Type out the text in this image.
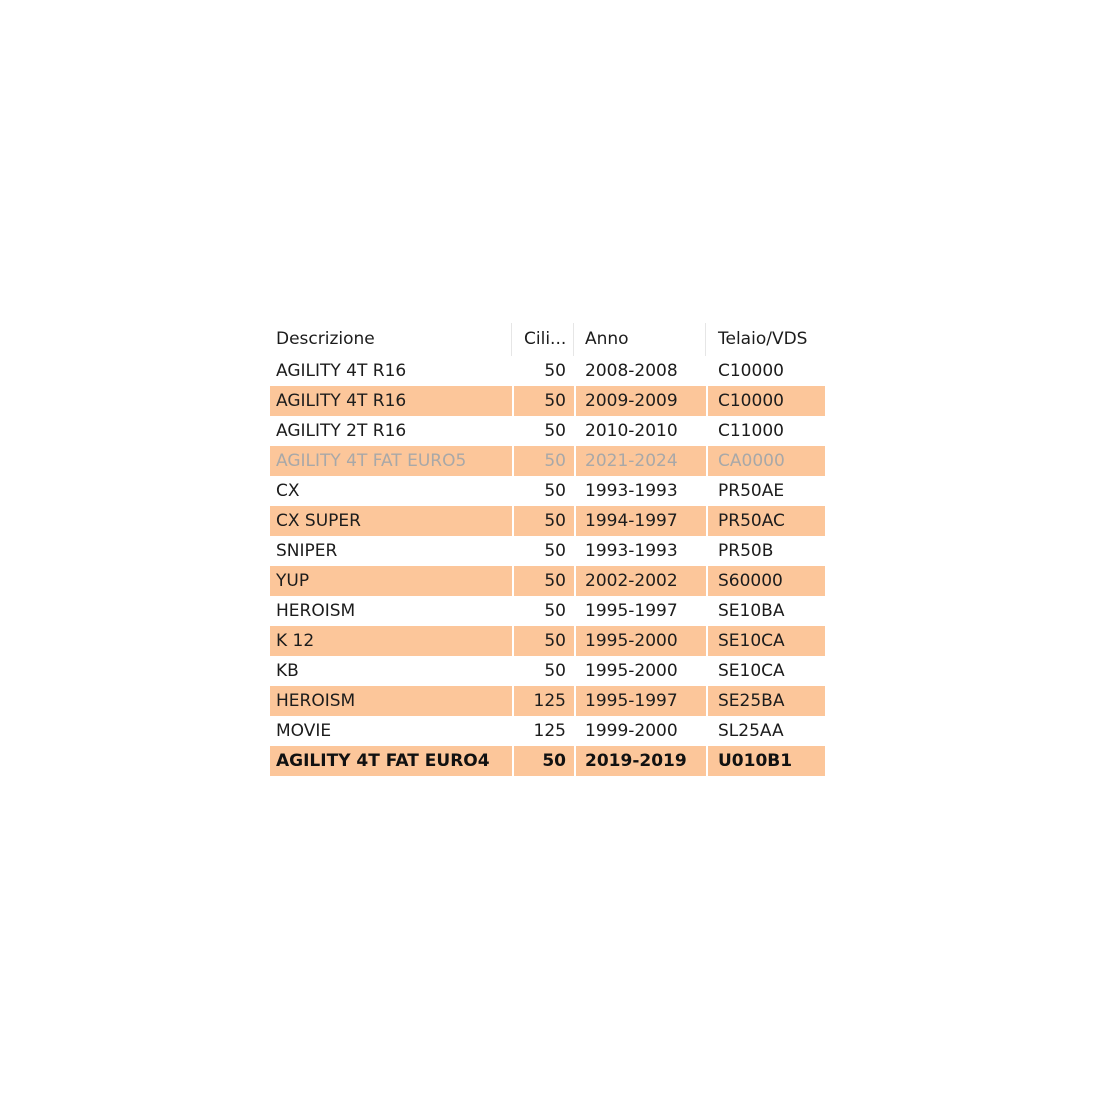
Descrizione	Cili...	Anno	Telaio/VDS
AGILITY 4T R16	50	2008-2008	C10000
AGILITY 4T R16	50	2009-2009	C10000
AGILITY 2T R16	50	2010-2010	C11000
AGILITY 4T FAT EURO5	50	2021-2024	CA0000
CX	50	1993-1993	PR50AE
CX SUPER	50	1994-1997	PR50AC
SNIPER	50	1993-1993	PR50B
YUP	50	2002-2002	S60000
HEROISM	50	1995-1997	SE10BA
K 12	50	1995-2000	SE10CA
KB	50	1995-2000	SE10CA
HEROISM	125	1995-1997	SE25BA
MOVIE	125	1999-2000	SL25AA
AGILITY 4T FAT EURO4	50	2019-2019	U010B1
